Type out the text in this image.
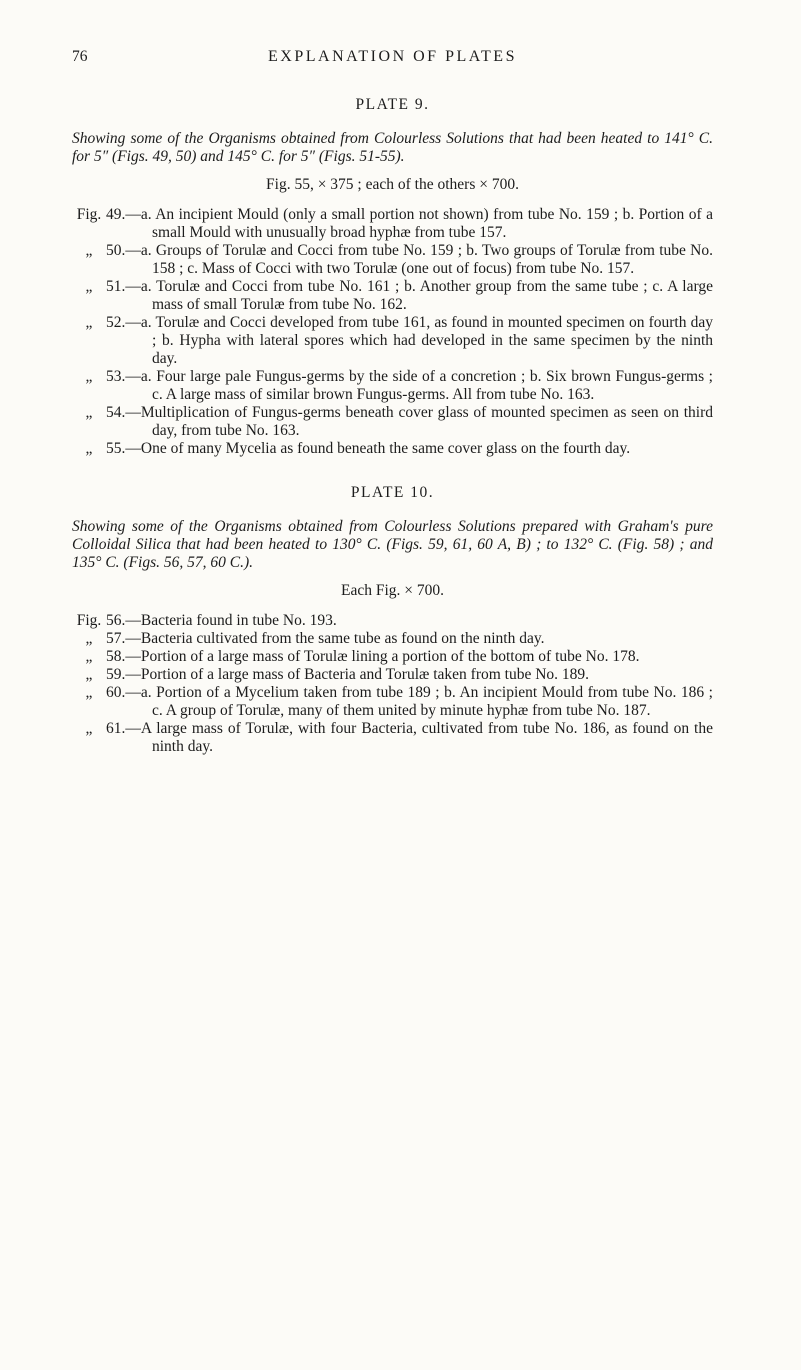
76	EXPLANATION OF PLATES
PLATE 9.

Showing some of the Organisms obtained from Colourless Solutions that had been heated to 141° C. for 5″ (Figs. 49, 50) and 145° C. for 5″ (Figs. 51-55).

Fig. 55, × 375 ; each of the others × 700.

Fig. 49.—a. An incipient Mould (only a small portion not shown) from tube No. 159 ; b. Portion of a small Mould with unusually broad hyphæ from tube 157.

„ 50.—a. Groups of Torulæ and Cocci from tube No. 159 ; b. Two groups of Torulæ from tube No. 158 ; c. Mass of Cocci with two Torulæ (one out of focus) from tube No. 157.

„ 51.—a. Torulæ and Cocci from tube No. 161 ; b. Another group from the same tube ; c. A large mass of small Torulæ from tube No. 162.

„ 52.—a. Torulæ and Cocci developed from tube 161, as found in mounted specimen on fourth day ; b. Hypha with lateral spores which had developed in the same specimen by the ninth day.

„ 53.—a. Four large pale Fungus-germs by the side of a concretion ; b. Six brown Fungus-germs ; c. A large mass of similar brown Fungus-germs. All from tube No. 163.

„ 54.—Multiplication of Fungus-germs beneath cover glass of mounted specimen as seen on third day, from tube No. 163.

„ 55.—One of many Mycelia as found beneath the same cover glass on the fourth day.

PLATE 10.

Showing some of the Organisms obtained from Colourless Solutions prepared with Graham's pure Colloidal Silica that had been heated to 130° C. (Figs. 59, 61, 60 A, B) ; to 132° C. (Fig. 58) ; and 135° C. (Figs. 56, 57, 60 C.).

Each Fig. × 700.

Fig. 56.—Bacteria found in tube No. 193.

„ 57.—Bacteria cultivated from the same tube as found on the ninth day.

„ 58.—Portion of a large mass of Torulæ lining a portion of the bottom of tube No. 178.

„ 59.—Portion of a large mass of Bacteria and Torulæ taken from tube No. 189.

„ 60.—a. Portion of a Mycelium taken from tube 189 ; b. An incipient Mould from tube No. 186 ; c. A group of Torulæ, many of them united by minute hyphæ from tube No. 187.

„ 61.—A large mass of Torulæ, with four Bacteria, cultivated from tube No. 186, as found on the ninth day.
